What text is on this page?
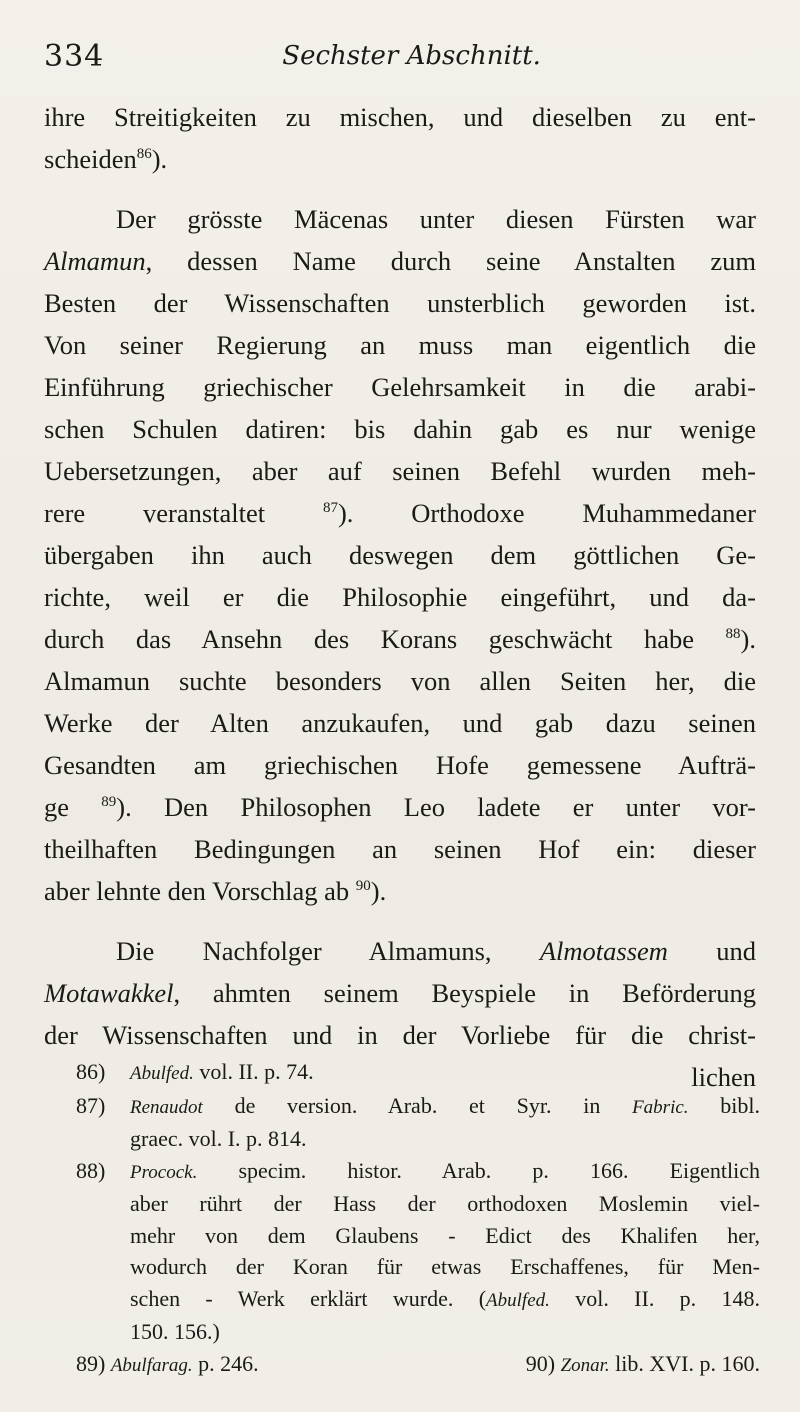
334	Sechster Abschnitt.

ihre Streitigkeiten zu mischen, und dieselben zu ent-
scheiden$^{86}$).

Der grösste Mäcenas unter diesen Fürsten war
Almamun, dessen Name durch seine Anstalten zum
Besten der Wissenschaften unsterblich geworden ist.
Von seiner Regierung an muss man eigentlich die
Einführung griechischer Gelehrsamkeit in die arabi-
schen Schulen datiren: bis dahin gab es nur wenige
Uebersetzungen, aber auf seinen Befehl wurden meh-
rere veranstaltet	$^{87}$). Orthodoxe Muhammedaner
übergaben ihn auch deswegen dem göttlichen Ge-
richte, weil er die Philosophie eingeführt, und da-
durch das Ansehn des Korans geschwächt habe $^{88}$).
Almamun suchte besonders von allen Seiten her, die
Werke der Alten anzukaufen, und gab dazu seinen
Gesandten am griechischen Hofe gemessene Aufträ-
ge $^{89}$). Den Philosophen Leo ladete er unter vor-
theilhaften Bedingungen an seinen Hof ein: dieser
aber lehnte den Vorschlag ab $^{90}$).

Die Nachfolger Almamuns, Almotassem und
Motawakkel, ahmten seinem Beyspiele in Beförderung
der Wissenschaften und in der Vorliebe für die christ-
lichen

86)	Abulfed. vol. II. p. 74.
87)	Renaudot de version. Arab. et Syr. in Fabric. bibl.
graec. vol. I. p. 814.
88)	Procock. specim. histor. Arab. p. 166. Eigentlich
aber rührt der Hass der orthodoxen Moslemin viel-
mehr von dem Glaubens - Edict des Khalifen her,
wodurch der Koran für etwas Erschaffenes, für Men-
schen - Werk erklärt wurde. (Abulfed. vol. II. p. 148.
150. 156.)
89) Abulfarag. p. 246.	90) Zonar. lib. XVI. p. 160.
